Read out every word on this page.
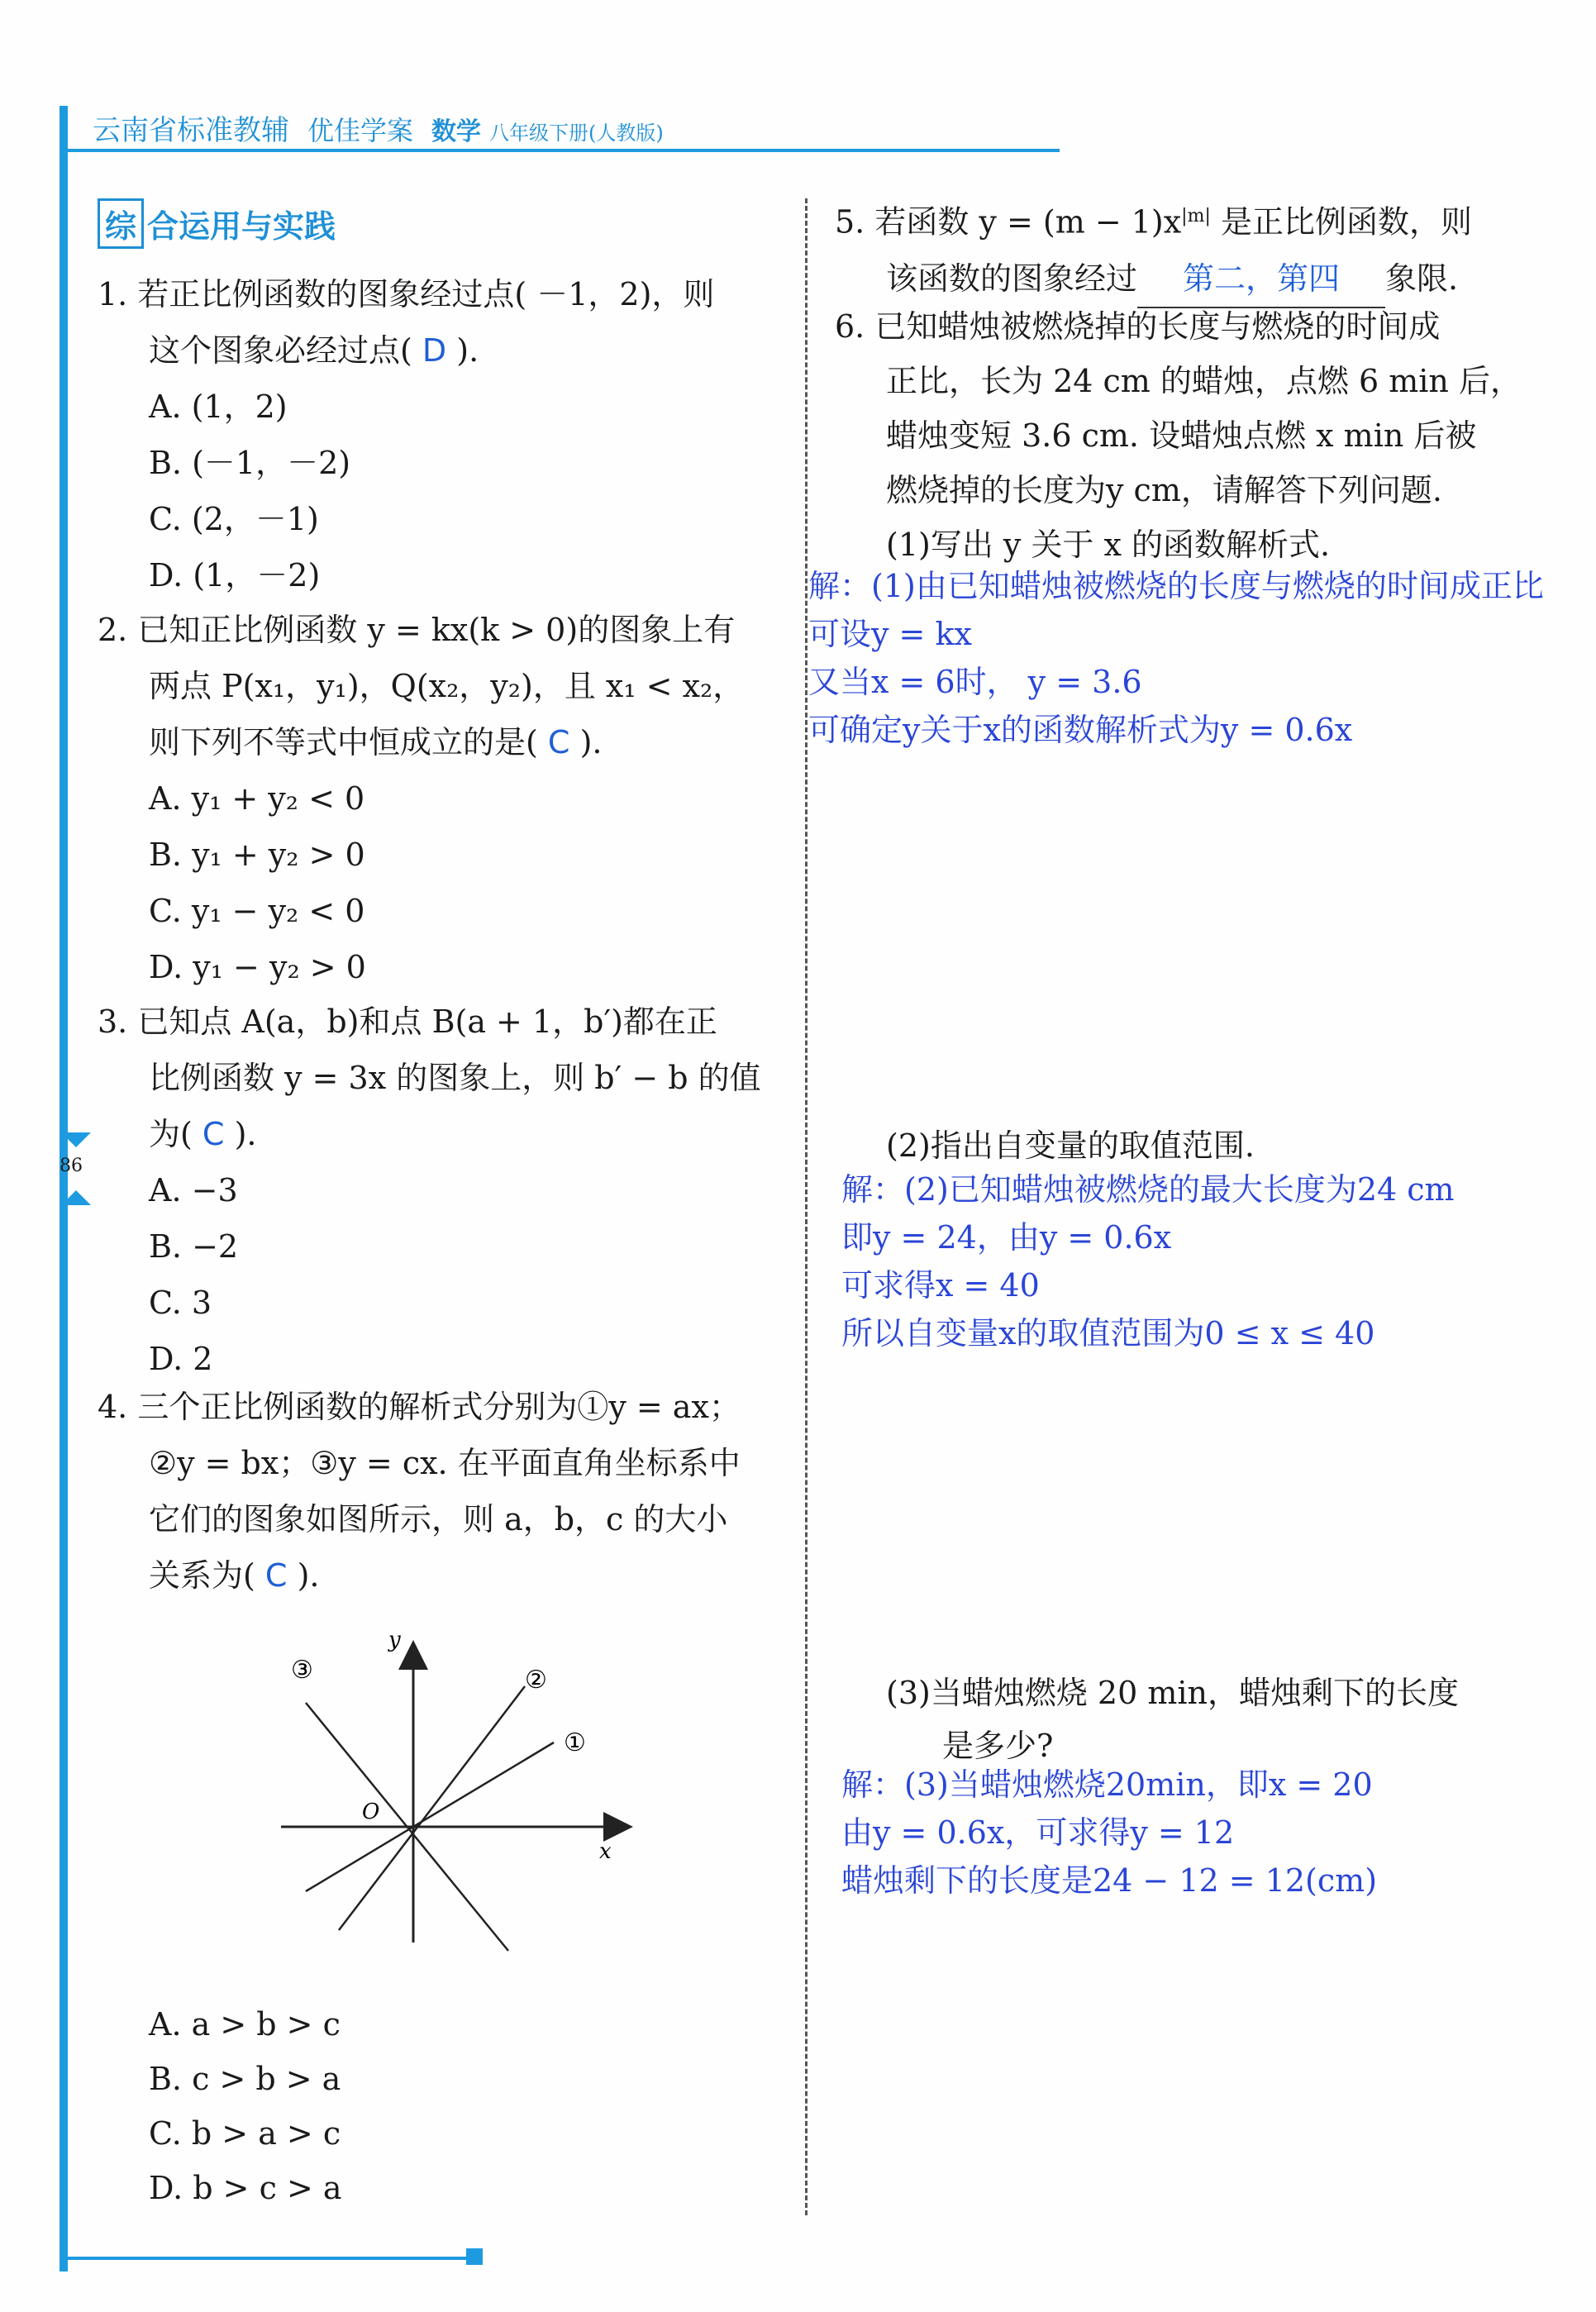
云南省标准教辅 优佳学案 数学 八年级下册(人教版)
86
综 合运用与实践
1. 若正比例函数的图象经过点( －1，2)，则
这个图象必经过点( D ).
A. (1，2)
B. (－1，－2)
C. (2，－1)
D. (1，－2)
2. 已知正比例函数 y = kx(k > 0)的图象上有
两点 P(x₁，y₁)，Q(x₂，y₂)，且 x₁ < x₂，
则下列不等式中恒成立的是( C ).
A. y₁ + y₂ < 0
B. y₁ + y₂ > 0
C. y₁ − y₂ < 0
D. y₁ − y₂ > 0
3. 已知点 A(a，b)和点 B(a + 1，b′)都在正
比例函数 y = 3x 的图象上，则 b′ − b 的值
为( C ).
A. −3
B. −2
C. 3
D. 2
4. 三个正比例函数的解析式分别为①y = ax；
②y = bx；③y = cx. 在平面直角坐标系中
它们的图象如图所示，则 a，b，c 的大小
关系为( C ).
y
x
O
①
②
③
A. a > b > c
B. c > b > a
C. b > a > c
D. b > c > a
5. 若函数 $y = (m - 1)x^{|m|}$ 是正比例函数，则
该函数的图象经过 第二，第四 象限.
6. 已知蜡烛被燃烧掉的长度与燃烧的时间成
正比，长为 24 cm 的蜡烛，点燃 6 min 后，
蜡烛变短 3.6 cm. 设蜡烛点燃 x min 后被
燃烧掉的长度为y cm，请解答下列问题.
(1)写出 y 关于 x 的函数解析式.
解：(1)由已知蜡烛被燃烧的长度与燃烧的时间成正比
可设y = kx
又当x = 6时， y = 3.6
可确定y关于x的函数解析式为y = 0.6x
(2)指出自变量的取值范围.
解：(2)已知蜡烛被燃烧的最大长度为24 cm
即y = 24，由y = 0.6x
可求得x = 40
所以自变量x的取值范围为0 ≤ x ≤ 40
(3)当蜡烛燃烧 20 min，蜡烛剩下的长度
是多少?
解：(3)当蜡烛燃烧20min，即x = 20
由y = 0.6x，可求得y = 12
蜡烛剩下的长度是24 − 12 = 12(cm)
